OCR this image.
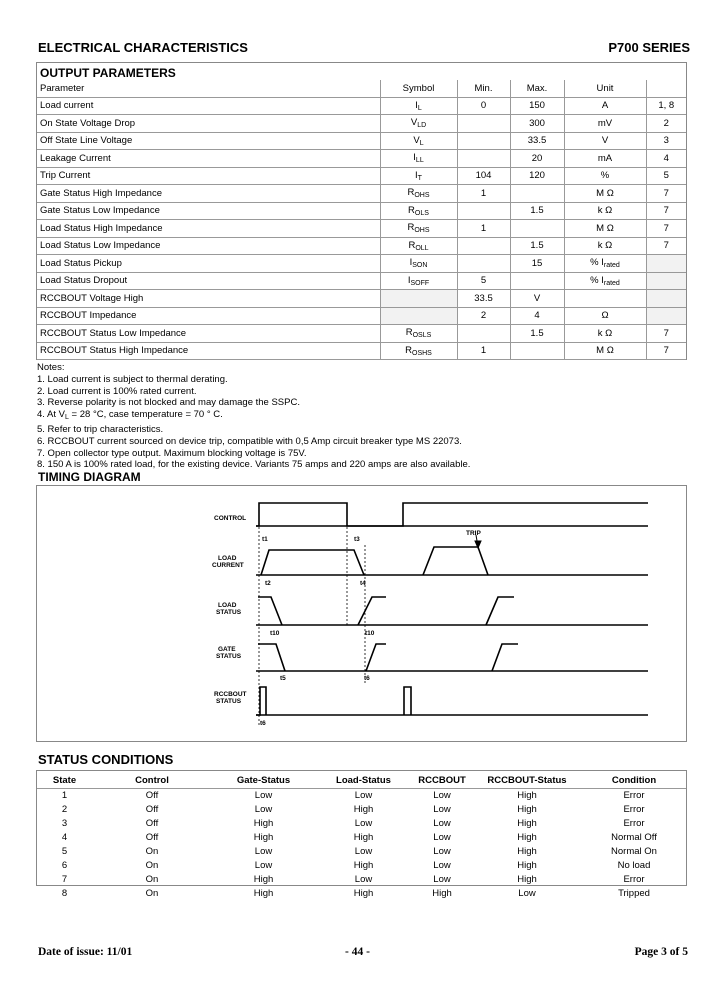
ELECTRICAL CHARACTERISTICS	P700 SERIES
OUTPUT PARAMETERS
Parameter	Symbol	Min.	Max.	Unit	
Load current	$I_L$	0	150	A	1, 8
On State Voltage Drop	$V_{LD}$		300	mV	2
Off State Line Voltage	$V_L$		33.5	V	3
Leakage Current	$I_{LL}$		20	mA	4
Trip Current	$I_T$	104	120	%	5
Gate Status High Impedance	$R_{OHS}$	1		M Ω	7
Gate Status Low Impedance	$R_{OLS}$		1.5	k Ω	7
Load Status High Impedance	$R_{OHS}$	1		M Ω	7
Load Status Low Impedance	$R_{OLL}$		1.5	k Ω	7
Load Status Pickup	$I_{SON}$		15	% $I_{rated}$	
Load Status Dropout	$I_{SOFF}$	5		% $I_{rated}$	
RCCBOUT Voltage High		33.5	V		
RCCBOUT Impedance		2	4	Ω	
RCCBOUT Status Low Impedance	$R_{OSLS}$		1.5	k Ω	7
RCCBOUT Status High Impedance	$R_{OSHS}$	1		M Ω	7
Notes:
1. Load current is subject to thermal derating.
2. Load current is 100% rated current.
3. Reverse polarity is not blocked and may damage the SSPC.
4. At $V_L = 28$ °C, case temperature = 70 ° C.
5. Refer to trip characteristics.
6. RCCBOUT current sourced on device trip, compatible with 0,5 Amp circuit breaker type MS 22073.
7. Open collector type output. Maximum blocking voltage is 75V.
8. 150 A is 100% rated load, for the existing device. Variants 75 amps and 220 amps are also available.
TIMING DIAGRAM
CONTROL
LOAD
CURRENT
LOAD
STATUS
GATE
STATUS
RCCBOUT
STATUS
TRIP
t1
t2
t3
t4
t10	t10
t5	t6
t6
STATUS CONDITIONS
State	Control	Gate-Status	Load-Status	RCCBOUT	RCCBOUT-Status	Condition
1	Off	Low	Low	Low	High	Error
2	Off	Low	High	Low	High	Error
3	Off	High	Low	Low	High	Error
4	Off	High	High	Low	High	Normal Off
5	On	Low	Low	Low	High	Normal On
6	On	Low	High	Low	High	No load
7	On	High	Low	Low	High	Error
8	On	High	High	High	Low	Tripped
Date of issue: 11/01	- 44 -	Page 3 of 5
